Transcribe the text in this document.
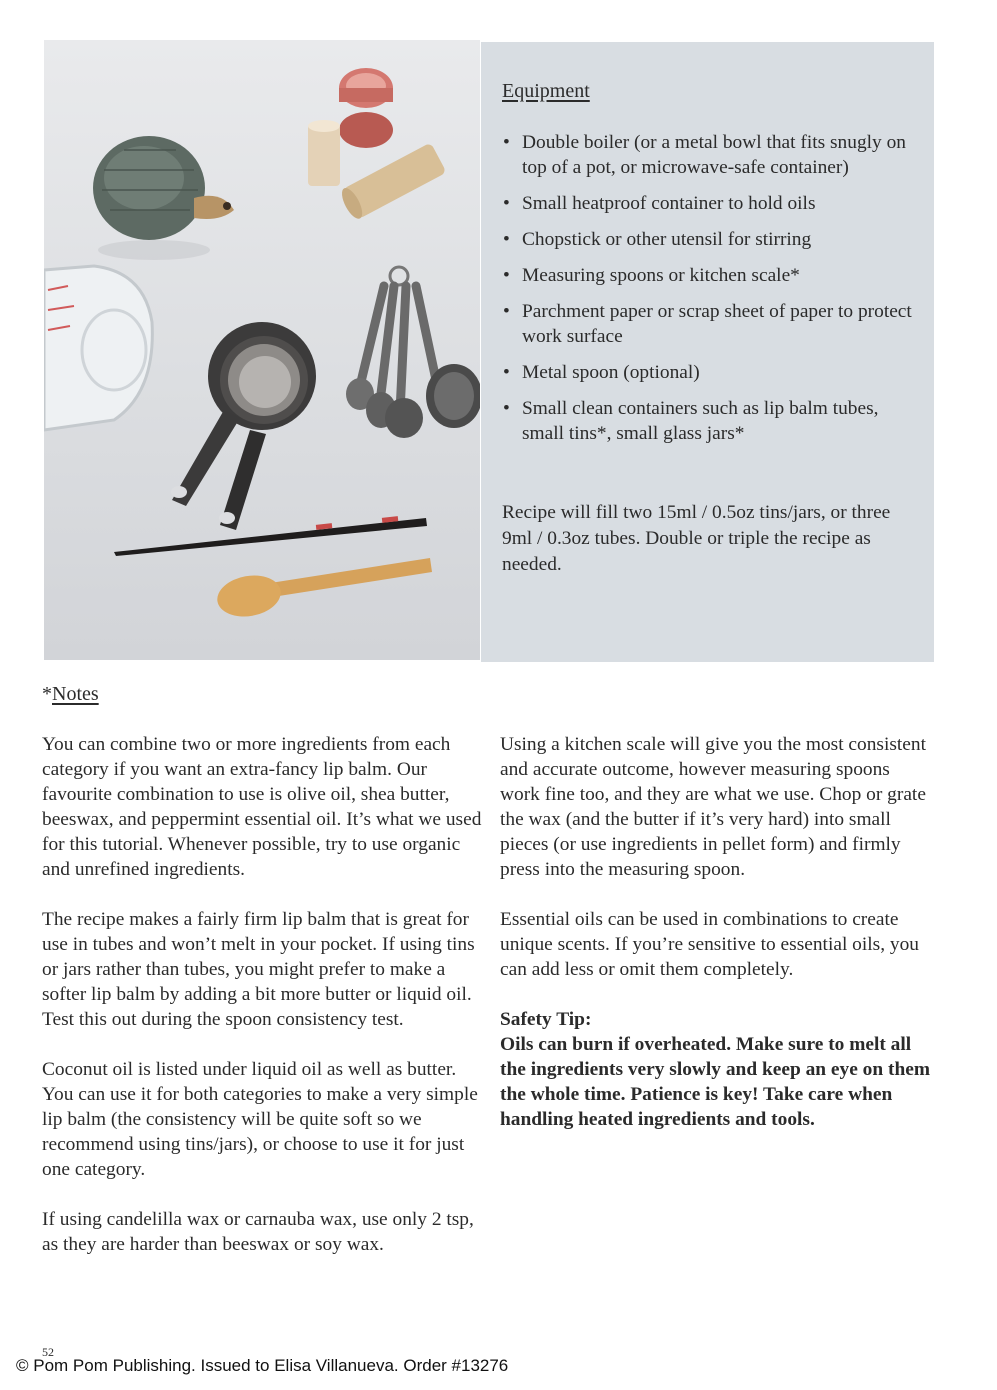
Equipment
• Double boiler (or a metal bowl that fits snugly on top of a pot, or microwave-safe container)
• Small heatproof container to hold oils
• Chopstick or other utensil for stirring
• Measuring spoons or kitchen scale*
• Parchment paper or scrap sheet of paper to protect work surface
• Metal spoon (optional)
• Small clean containers such as lip balm tubes, small tins*, small glass jars*

Recipe will fill two 15ml / 0.5oz tins/jars, or three 9ml / 0.3oz tubes. Double or triple the recipe as needed.

*Notes

You can combine two or more ingredients from each category if you want an extra-fancy lip balm. Our favourite combination to use is olive oil, shea butter, beeswax, and peppermint essential oil. It’s what we used for this tutorial. Whenever possible, try to use organic and unrefined ingredients.

The recipe makes a fairly firm lip balm that is great for use in tubes and won’t melt in your pocket. If using tins or jars rather than tubes, you might prefer to make a softer lip balm by adding a bit more butter or liquid oil. Test this out during the spoon consistency test.

Coconut oil is listed under liquid oil as well as butter. You can use it for both categories to make a very simple lip balm (the consistency will be quite soft so we recommend using tins/jars), or choose to use it for just one category.

If using candelilla wax or carnauba wax, use only 2 tsp, as they are harder than beeswax or soy wax.

Using a kitchen scale will give you the most consistent and accurate outcome, however measuring spoons work fine too, and they are what we use. Chop or grate the wax (and the butter if it’s very hard) into small pieces (or use ingredients in pellet form) and firmly press into the measuring spoon.

Essential oils can be used in combinations to create unique scents. If you’re sensitive to essential oils, you can add less or omit them completely.

Safety Tip:

Oils can burn if overheated. Make sure to melt all the ingredients very slowly and keep an eye on them the whole time. Patience is key! Take care when handling heated ingredients and tools.

52
© Pom Pom Publishing. Issued to Elisa Villanueva. Order #13276
